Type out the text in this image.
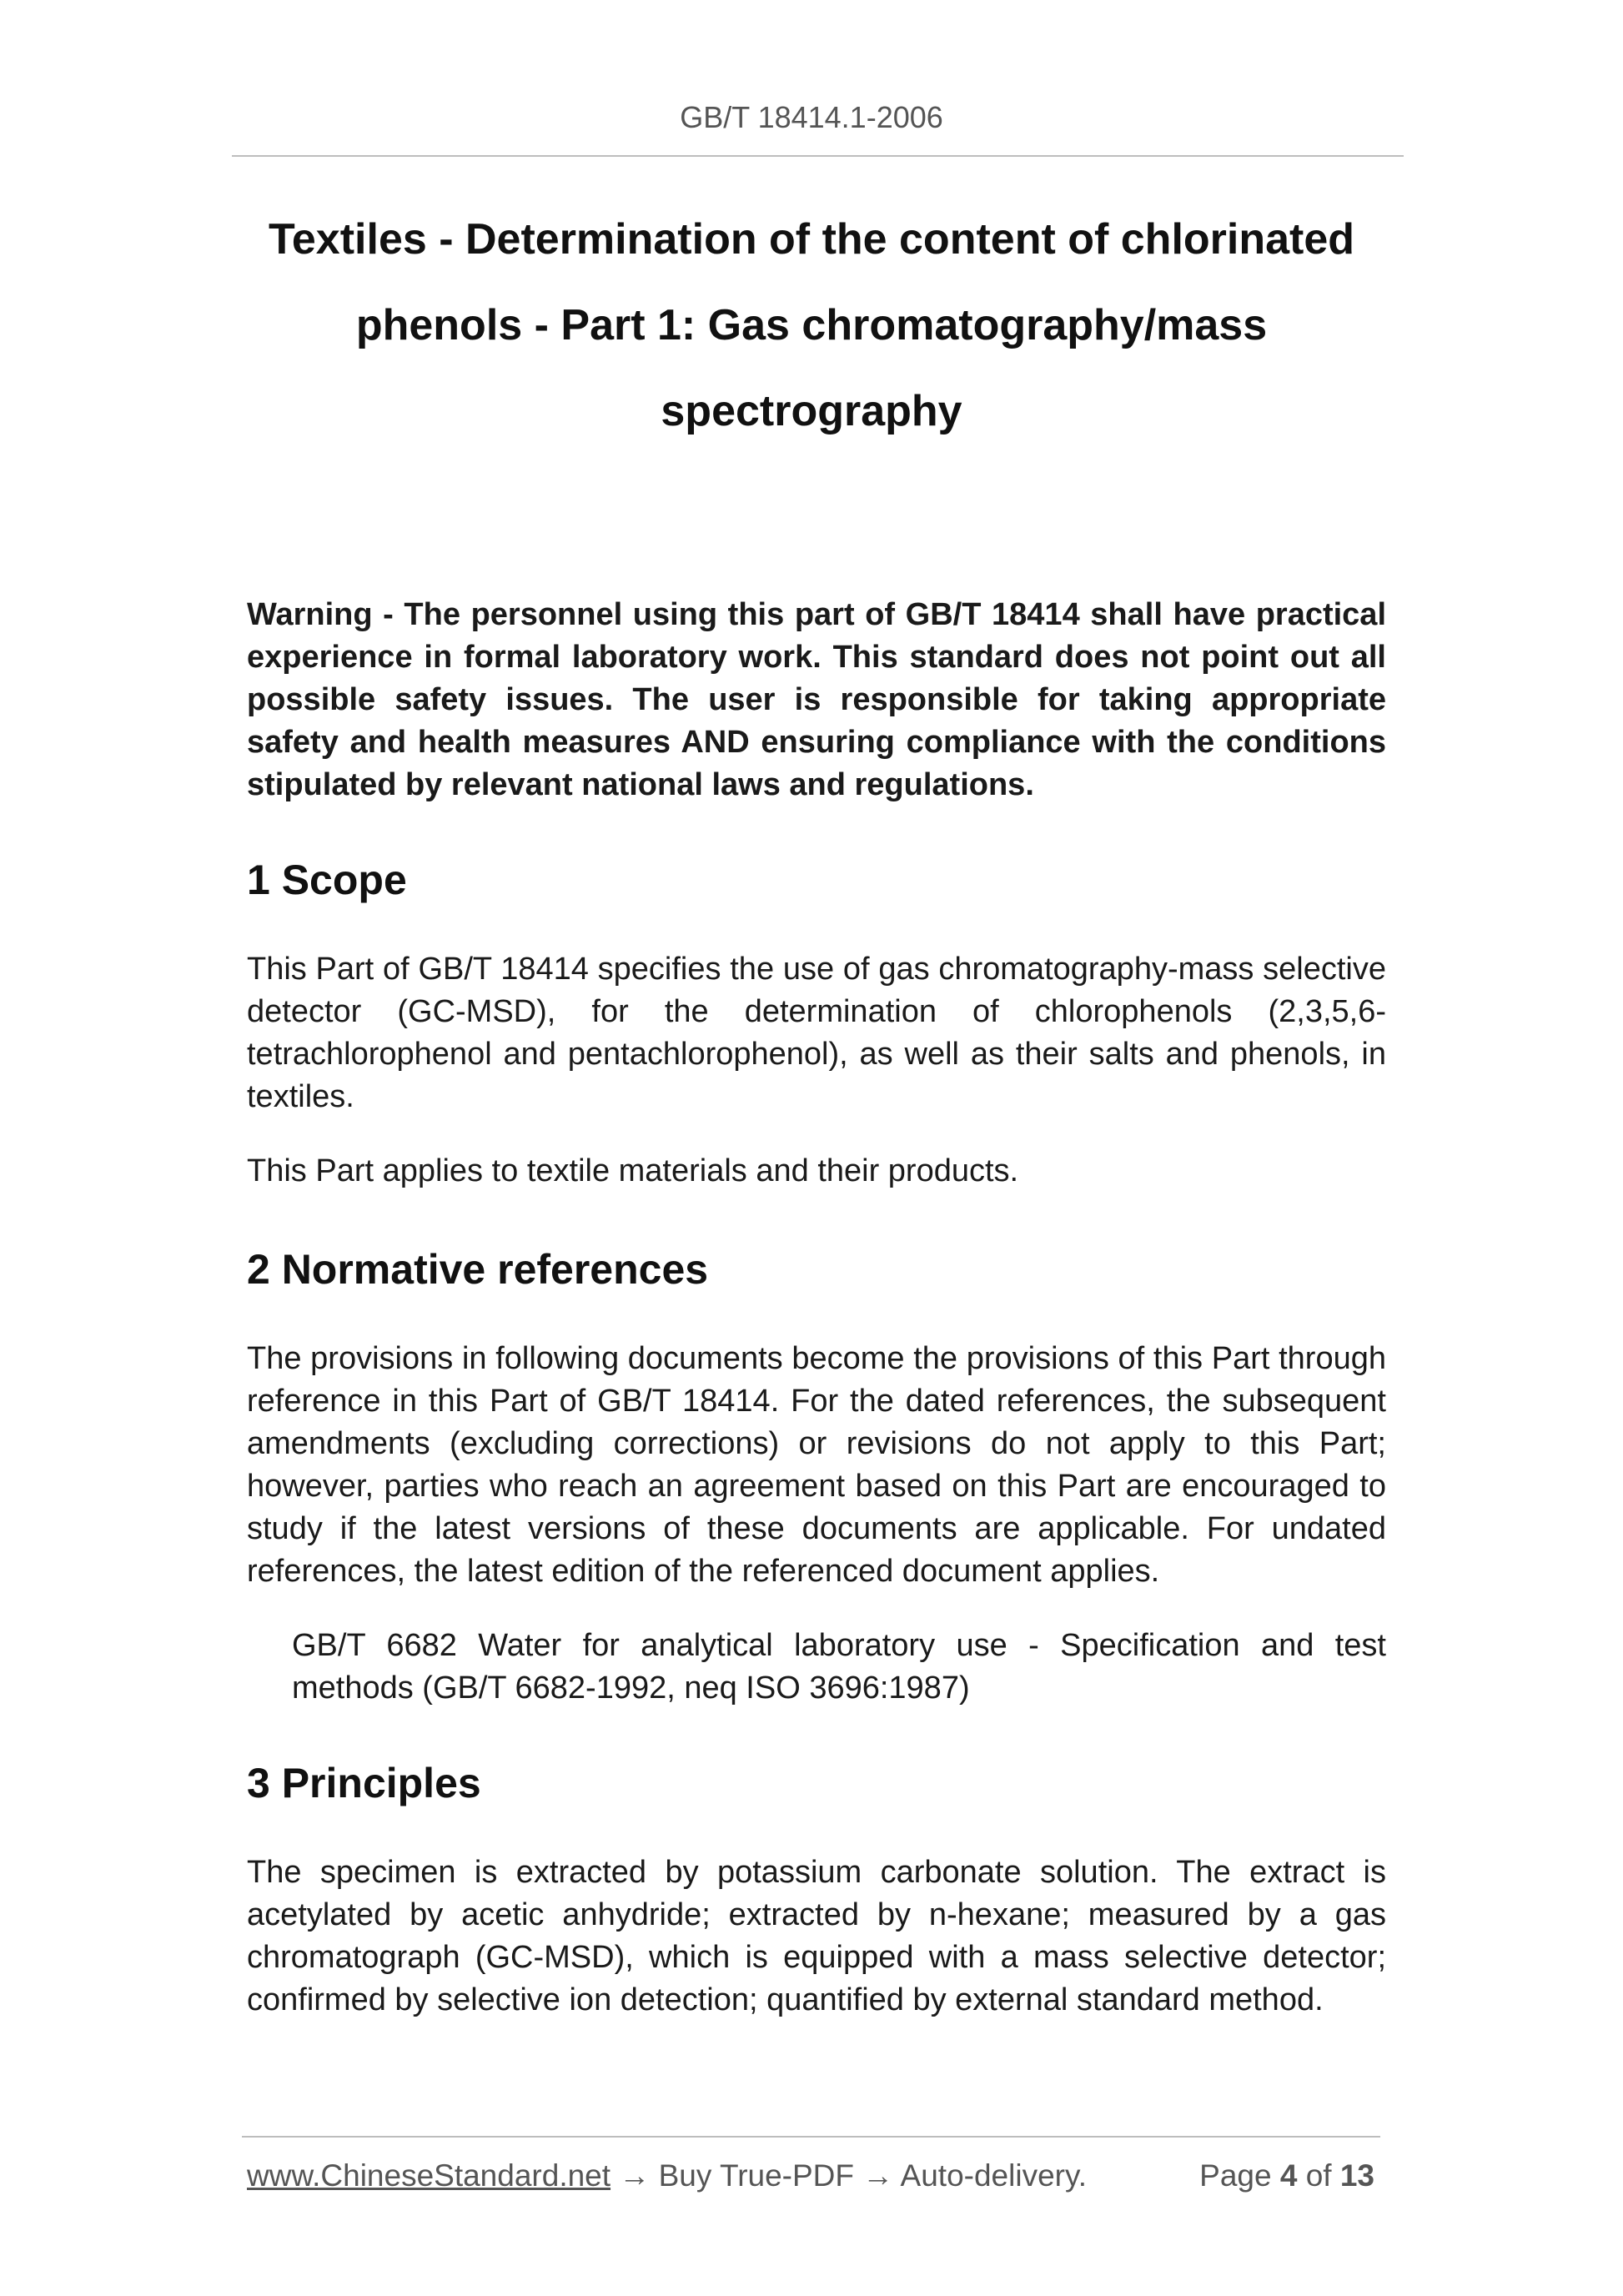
GB/T 18414.1-2006
Textiles - Determination of the content of chlorinated
phenols - Part 1: Gas chromatography/mass
spectrography

Warning - The personnel using this part of GB/T 18414 shall have practical experience in formal laboratory work. This standard does not point out all possible safety issues. The user is responsible for taking appropriate safety and health measures AND ensuring compliance with the conditions stipulated by relevant national laws and regulations.

1 Scope

This Part of GB/T 18414 specifies the use of gas chromatography-mass selective detector (GC-MSD), for the determination of chlorophenols (2,3,5,6-tetrachlorophenol and pentachlorophenol), as well as their salts and phenols, in textiles.

This Part applies to textile materials and their products.

2 Normative references

The provisions in following documents become the provisions of this Part through reference in this Part of GB/T 18414. For the dated references, the subsequent amendments (excluding corrections) or revisions do not apply to this Part; however, parties who reach an agreement based on this Part are encouraged to study if the latest versions of these documents are applicable. For undated references, the latest edition of the referenced document applies.

GB/T 6682 Water for analytical laboratory use - Specification and test methods (GB/T 6682-1992, neq ISO 3696:1987)

3 Principles

The specimen is extracted by potassium carbonate solution. The extract is acetylated by acetic anhydride; extracted by n-hexane; measured by a gas chromatograph (GC-MSD), which is equipped with a mass selective detector; confirmed by selective ion detection; quantified by external standard method.

www.ChineseStandard.net → Buy True-PDF → Auto-delivery.	Page 4 of 13
